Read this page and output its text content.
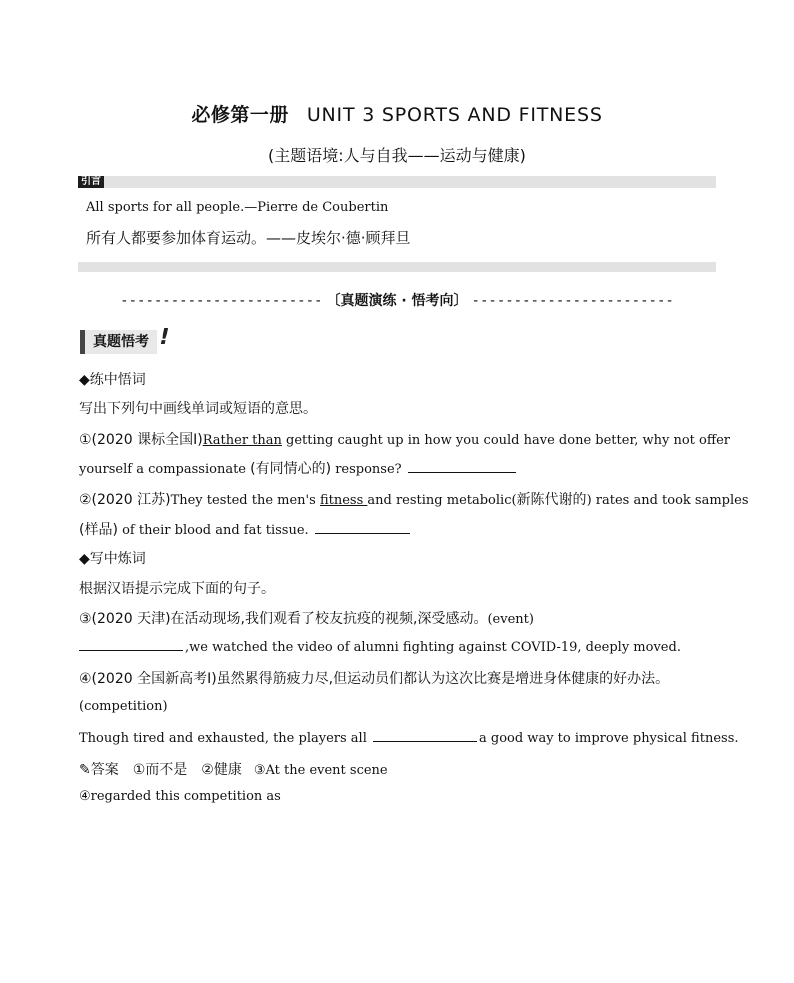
必修第一册 UNIT 3 SPORTS AND FITNESS
(主题语境:人与自我——运动与健康)
引言
All sports for all people.—Pierre de Coubertin
所有人都要参加体育运动。——皮埃尔·德·顾拜旦
------------------------ 〔真题演练 · 悟考向〕 ------------------------
真题悟考 !
◆练中悟词
写出下列句中画线单词或短语的意思。
①(2020 课标全国Ⅰ)Rather than getting caught up in how you could have done better, why not offer
yourself a compassionate (有同情心的) response?
②(2020 江苏)They tested the men's fitness and resting metabolic(新陈代谢的) rates and took samples
(样品) of their blood and fat tissue.
◆写中炼词
根据汉语提示完成下面的句子。
③(2020 天津)在活动现场,我们观看了校友抗疫的视频,深受感动。(event)
,we watched the video of alumni fighting against COVID-19, deeply moved.
④(2020 全国新高考Ⅰ)虽然累得筋疲力尽,但运动员们都认为这次比赛是增进身体健康的好办法。
(competition)
Though tired and exhausted, the players all	a good way to improve physical fitness.
✎答案 ①而不是 ②健康 ③At the event scene
④regarded this competition as
